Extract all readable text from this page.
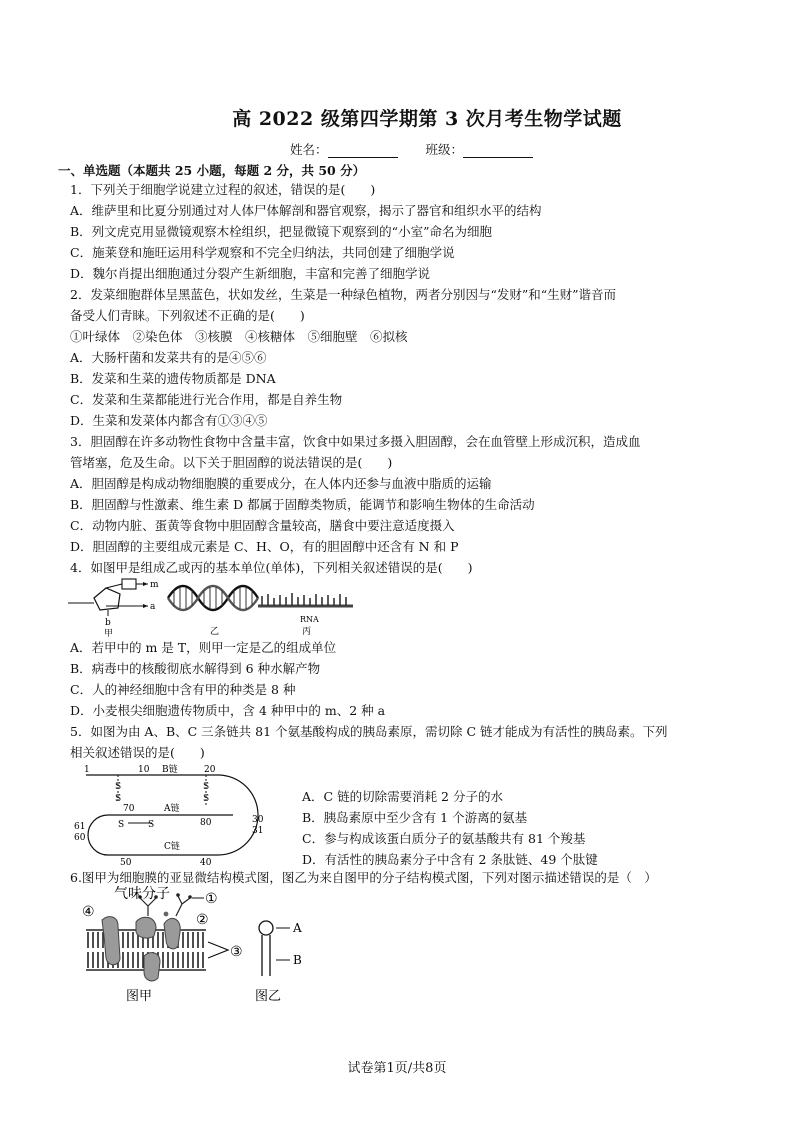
高 2022 级第四学期第 3 次月考生物学试题
姓名：	班级：
一、单选题（本题共 25 小题，每题 2 分，共 50 分）
1．下列关于细胞学说建立过程的叙述，错误的是(　　)
A．维萨里和比夏分别通过对人体尸体解剖和器官观察，揭示了器官和组织水平的结构
B．列文虎克用显微镜观察木栓组织，把显微镜下观察到的“小室”命名为细胞
C．施莱登和施旺运用科学观察和不完全归纳法，共同创建了细胞学说
D．魏尔肖提出细胞通过分裂产生新细胞，丰富和完善了细胞学说
2．发菜细胞群体呈黑蓝色，状如发丝，生菜是一种绿色植物，两者分别因与“发财”和“生财”谐音而
备受人们青睐。下列叙述不正确的是(　　)
①叶绿体　②染色体　③核膜　④核糖体　⑤细胞壁　⑥拟核
A．大肠杆菌和发菜共有的是④⑤⑥
B．发菜和生菜的遗传物质都是 DNA
C．发菜和生菜都能进行光合作用，都是自养生物
D．生菜和发菜体内都含有①③④⑤
3．胆固醇在许多动物性食物中含量丰富，饮食中如果过多摄入胆固醇，会在血管壁上形成沉积，造成血
管堵塞，危及生命。以下关于胆固醇的说法错误的是(　　)
A．胆固醇是构成动物细胞膜的重要成分，在人体内还参与血液中脂质的运输
B．胆固醇与性激素、维生素 D 都属于固醇类物质，能调节和影响生物体的生命活动
C．动物内脏、蛋黄等食物中胆固醇含量较高，膳食中要注意适度摄入
D．胆固醇的主要组成元素是 C、H、O，有的胆固醇中还含有 N 和 P
4．如图甲是组成乙或丙的基本单位(单体)，下列相关叙述错误的是(　　)
m
a
b
甲	乙
RNA
丙
A．若甲中的 m 是 T，则甲一定是乙的组成单位
B．病毒中的核酸彻底水解得到 6 种水解产物
C．人的神经细胞中含有甲的种类是 8 种
D．小麦根尖细胞遗传物质中，含 4 种甲中的 m、2 种 a
5．如图为由 A、B、C 三条链共 81 个氨基酸构成的胰岛素原，需切除 C 链才能成为有活性的胰岛素。下列
相关叙述错误的是(　　)
1	10 B链	20
S
S
S
S
70	A链
80
S	S	30
31
61
60
C链
50	40
A．C 链的切除需要消耗 2 分子的水
B．胰岛素原中至少含有 1 个游离的氨基
C．参与构成该蛋白质分子的氨基酸共有 81 个羧基
D．有活性的胰岛素分子中含有 2 条肽链、49 个肽键
6.图甲为细胞膜的亚显微结构模式图，图乙为来自图甲的分子结构模式图，下列对图示描述错误的是（　）
气味分子	①
②
③
④
图甲
A
B
图乙
试卷第1页/共8页
